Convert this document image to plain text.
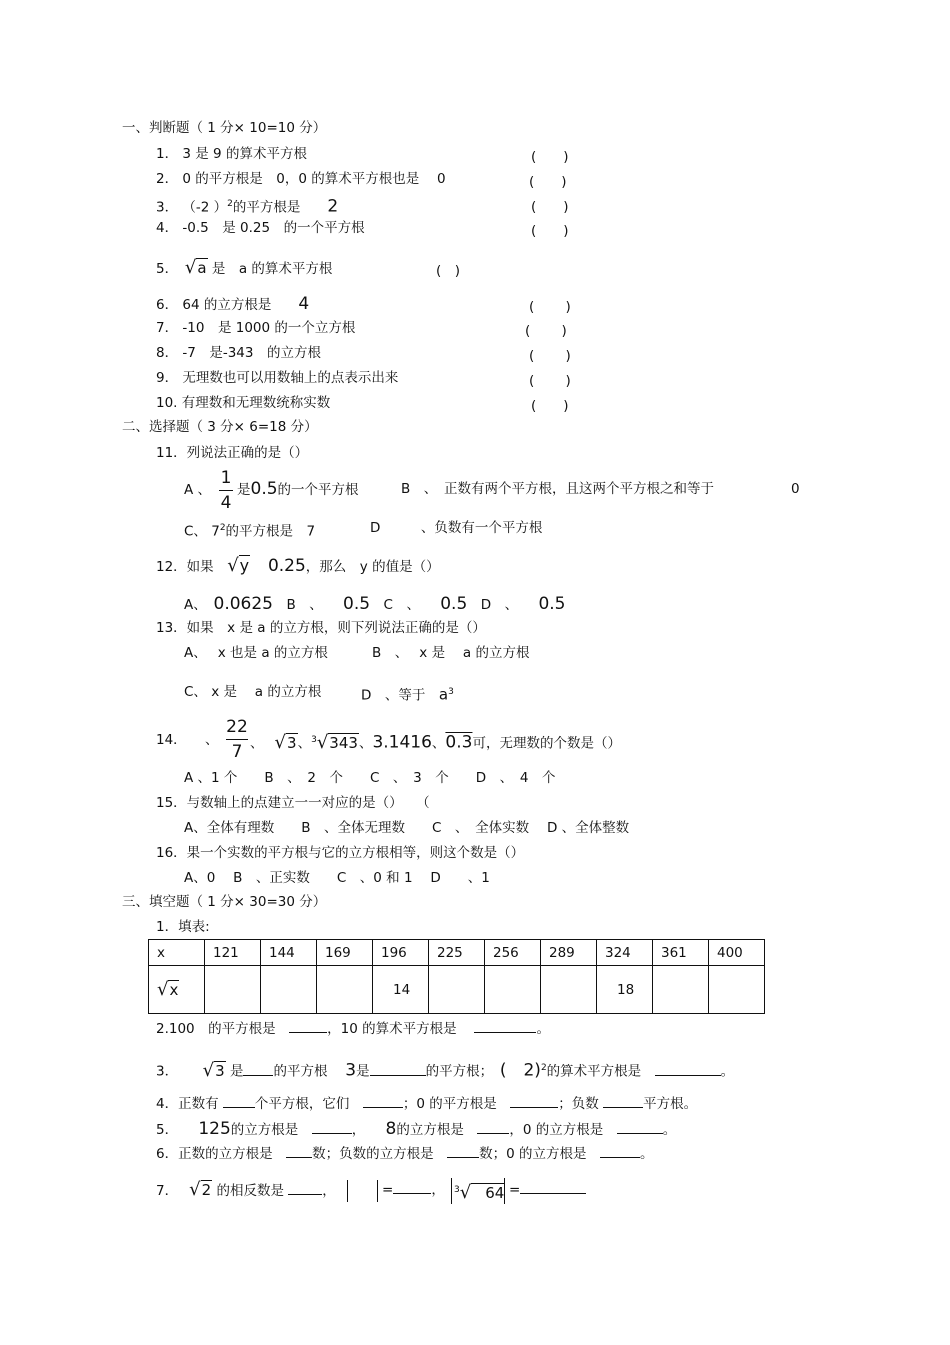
一、判断题（ 1 分× 10=10 分）
1． 3 是 9 的算术平方根	(　　)
2． 0 的平方根是　0，0 的算术平方根也是　 0	(　　)
3． （-2 ）$^2$的平方根是　　 2	(　　)
4． -0.5　是 0.25　的一个平方根	(　　)
5．　 √a 是　a 的算术平方根	(　)
6． 64 的立方根是　　 4	(　　 )
7． -10　是 1000 的一个立方根	(　　 )
8． -7　是-343　的立方根	(　　 )
9． 无理数也可以用数轴上的点表示出来	(　　 )
10. 有理数和无理数统称实数	(　　)
二、选择题（ 3 分× 6=18 分）
11．列说法正确的是（）
A 、
1
4
是0.5的一个平方根	B　、　正数有两个平方根，且这两个平方根之和等于	0
C、 $7^2$的平方根是　7	D　　　、负数有一个平方根
12．如果　 √y　 0.25，那么　y 的值是（）
A、　 0.0625　 B　、　　 0.5　 C　、　　 0.5　 D　、　　 0.5
13．如果　x 是 a 的立方根，则下列说法正确的是（）
A、　 x 也是 a 的立方根	B　、　 x 是　 a 的立方根
C、 x 是　 a 的立方根	D　、等于　 $a^3$
14． 、
22
7 、　 √3、$^3$√343、3.1416、0.3可，无理数的个数是（）
A 、1 个　　B　、　2　个　　C　、　3　个　　D　、　4　个
15．与数轴上的点建立一一对应的是（）　　（
A、全体有理数　　B　、全体无理数　　C　、　全体实数　 D 、全体整数
16．果一个实数的平方根与它的立方根相等，则这个数是（）
A、0　 B　、正实数　　C　、0 和 1　 D　　、1
三、填空题（ 1 分× 30=30 分）
1．填表:
x	121	144	169	196	225	256	289	324	361	400
√x				14				18		
2.100　的平方根是　	，10 的算术平方根是　	。
3．　　 √3 是 的平方根　 3是	的平方根；　 (　2)$^2$的算术平方根是　	。
4．正数有	个平方根，它们　	；0 的平方根是　	；负数	平方根。
5．　　 125的立方根是　	，　　 8的立方根是　	，0 的立方根是　	。
6．正数的立方根是　	数；负数的立方根是　	数；0 的立方根是　	。
7．　 √2 的相反数是	，	=	， $^3$√ 64 =
